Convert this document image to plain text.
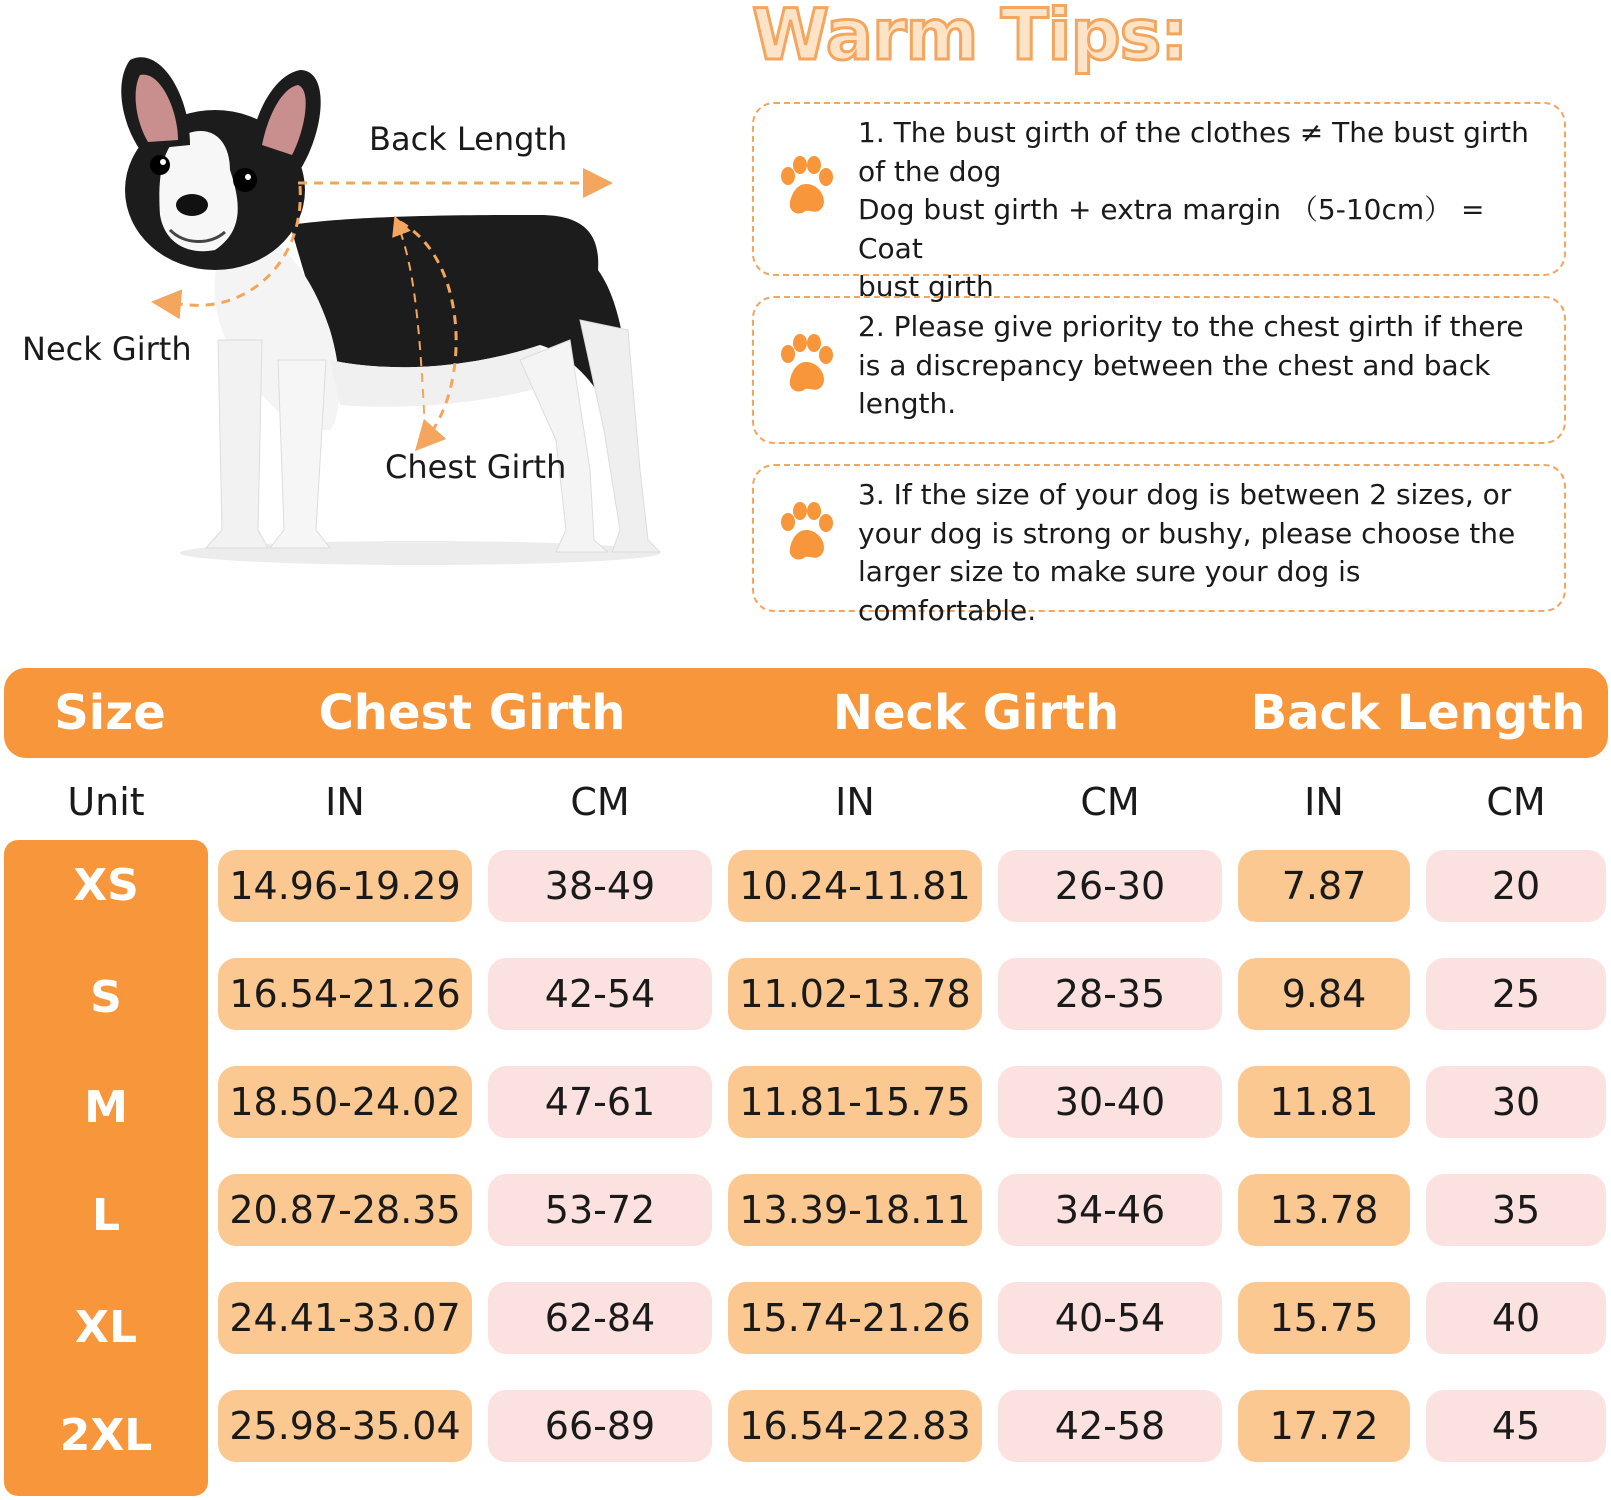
Back Length
Neck Girth
Chest Girth
Warm Tips:
1. The bust girth of the clothes ≠ The bust girth
of the dog
Dog bust girth + extra margin （5-10cm） = Coat
bust girth
2. Please give priority to the chest girth if there
is a discrepancy between the chest and back
length.
3. If the size of your dog is between 2 sizes, or
your dog is strong or bushy, please choose the
larger size to make sure your dog is comfortable.
Size	Chest Girth	Neck Girth	Back Length
Unit	IN	CM	IN	CM	IN	CM
XS	14.96-19.29	38-49	10.24-11.81	26-30	7.87	20
S	16.54-21.26	42-54	11.02-13.78	28-35	9.84	25
M	18.50-24.02	47-61	11.81-15.75	30-40	11.81	30
L	20.87-28.35	53-72	13.39-18.11	34-46	13.78	35
XL	24.41-33.07	62-84	15.74-21.26	40-54	15.75	40
2XL	25.98-35.04	66-89	16.54-22.83	42-58	17.72	45
